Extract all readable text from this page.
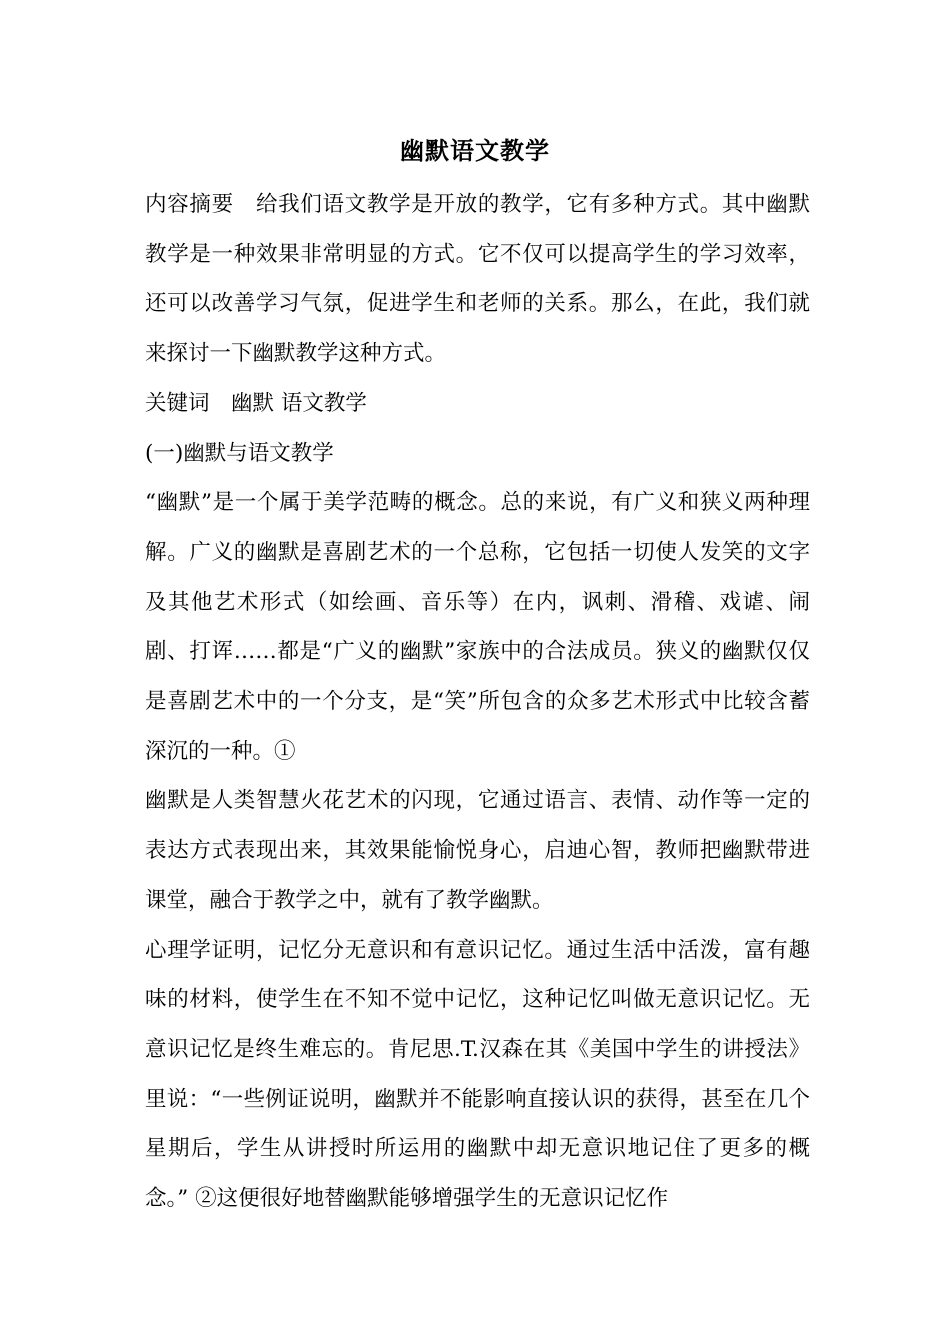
幽默语文教学

内容摘要　给我们语文教学是开放的教学，它有多种方式。其中幽默教学是一种效果非常明显的方式。它不仅可以提高学生的学习效率，还可以改善学习气氛，促进学生和老师的关系。那么，在此，我们就来探讨一下幽默教学这种方式。

关键词　幽默 语文教学

(一)幽默与语文教学

“幽默”是一个属于美学范畴的概念。总的来说，有广义和狭义两种理解。广义的幽默是喜剧艺术的一个总称，它包括一切使人发笑的文字及其他艺术形式（如绘画、音乐等）在内，讽刺、滑稽、戏谑、闹剧、打诨……都是“广义的幽默”家族中的合法成员。狭义的幽默仅仅是喜剧艺术中的一个分支，是“笑”所包含的众多艺术形式中比较含蓄深沉的一种。①

幽默是人类智慧火花艺术的闪现，它通过语言、表情、动作等一定的表达方式表现出来，其效果能愉悦身心，启迪心智，教师把幽默带进课堂，融合于教学之中，就有了教学幽默。

心理学证明，记忆分无意识和有意识记忆。通过生活中活泼，富有趣味的材料，使学生在不知不觉中记忆，这种记忆叫做无意识记忆。无意识记忆是终生难忘的。肯尼思.T.汉森在其《美国中学生的讲授法》里说：“一些例证说明，幽默并不能影响直接认识的获得，甚至在几个星期后，学生从讲授时所运用的幽默中却无意识地记住了更多的概念。” ②这便很好地替幽默能够增强学生的无意识记忆作
